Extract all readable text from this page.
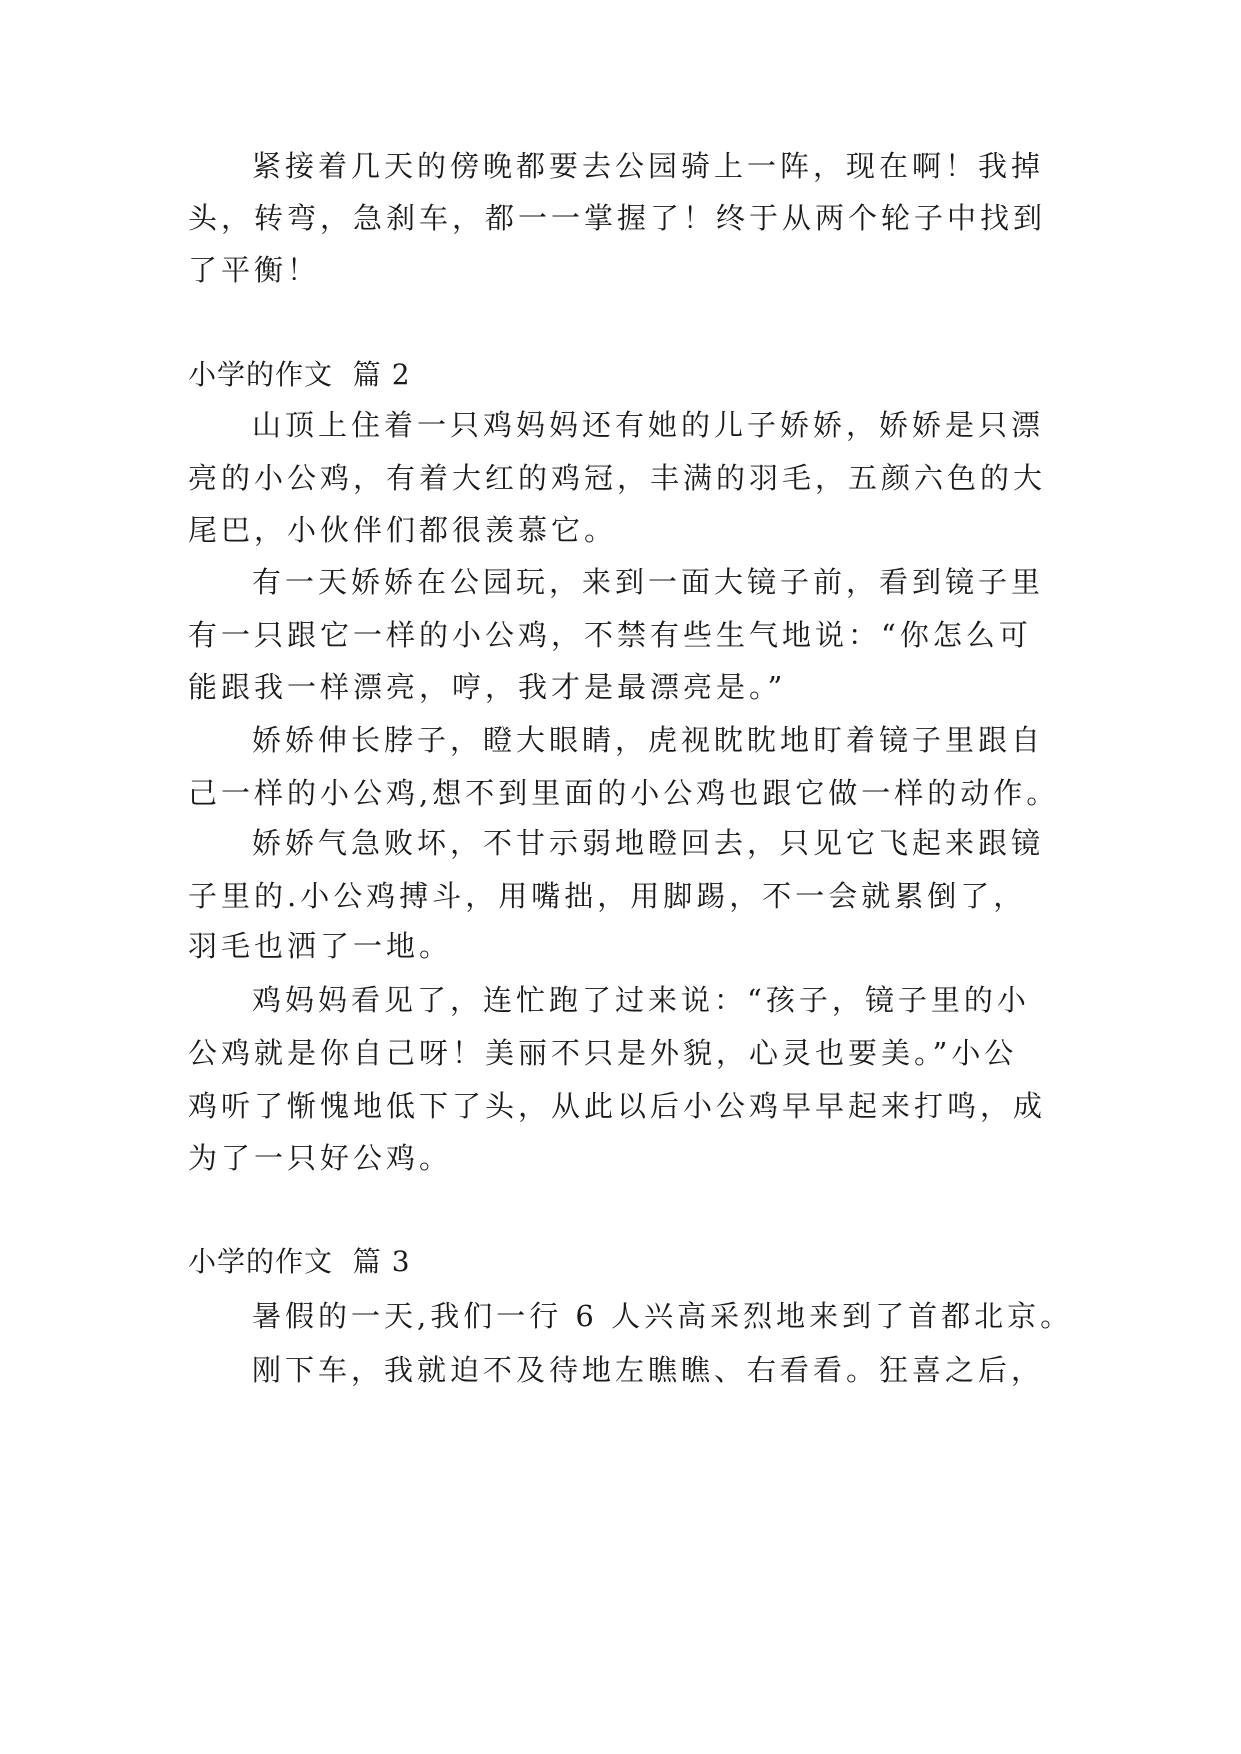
紧接着几天的傍晚都要去公园骑上一阵，现在啊！我掉
头，转弯，急刹车，都一一掌握了！终于从两个轮子中找到
了平衡！
小学的作文  篇 2
山顶上住着一只鸡妈妈还有她的儿子娇娇，娇娇是只漂
亮的小公鸡，有着大红的鸡冠，丰满的羽毛，五颜六色的大
尾巴，小伙伴们都很羡慕它。
有一天娇娇在公园玩，来到一面大镜子前，看到镜子里
有一只跟它一样的小公鸡，不禁有些生气地说：“你怎么可
能跟我一样漂亮，哼，我才是最漂亮是。”
娇娇伸长脖子，瞪大眼睛，虎视眈眈地盯着镜子里跟自
己一样的小公鸡,想不到里面的小公鸡也跟它做一样的动作。
娇娇气急败坏，不甘示弱地瞪回去，只见它飞起来跟镜
子里的.小公鸡搏斗，用嘴拙，用脚踢，不一会就累倒了，
羽毛也洒了一地。
鸡妈妈看见了，连忙跑了过来说：“孩子，镜子里的小
公鸡就是你自己呀！美丽不只是外貌，心灵也要美。”小公
鸡听了惭愧地低下了头，从此以后小公鸡早早起来打鸣，成
为了一只好公鸡。
小学的作文  篇 3
暑假的一天,我们一行 6 人兴高采烈地来到了首都北京。
刚下车，我就迫不及待地左瞧瞧、右看看。狂喜之后，
